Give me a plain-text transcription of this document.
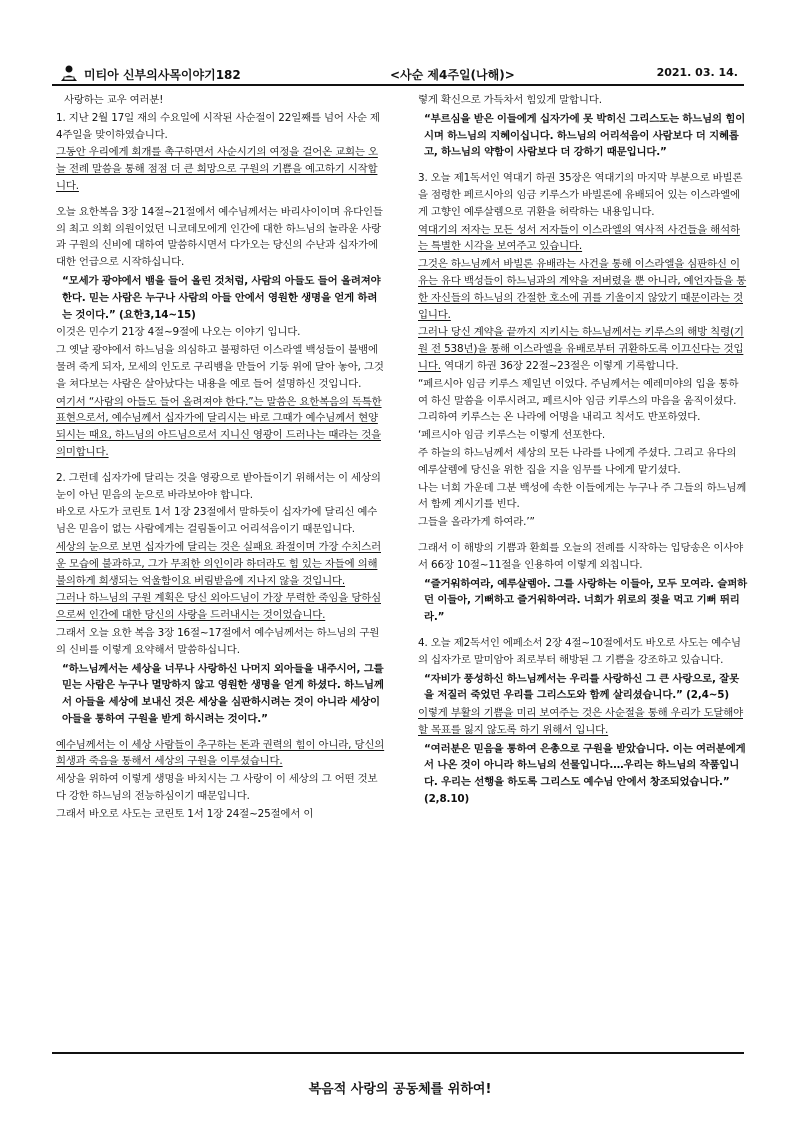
미티아 신부의사목이야기182	<사순 제4주일(나해)>	2021. 03. 14.
사랑하는 교우 여러분!
1. 지난 2월 17일 재의 수요일에 시작된 사순절이 22일째를 넘어 사순 제4주일을 맞이하였습니다.
그동안 우리에게 회개를 촉구하면서 사순시기의 여정을 걸어온 교회는 오늘 전례 말씀을 통해 점점 더 큰 희망으로 구원의 기쁨을 예고하기 시작합니다.
오늘 요한복음 3장 14절~21절에서 예수님께서는 바리사이이며 유다인들의 최고 의회 의원이었던 니코데모에게 인간에 대한 하느님의 놀라운 사랑과 구원의 신비에 대하여 말씀하시면서 다가오는 당신의 수난과 십자가에 대한 언급으로 시작하십니다.
“모세가 광야에서 뱀을 들어 올린 것처럼, 사람의 아들도 들어 올려져야 한다. 믿는 사람은 누구나 사람의 아들 안에서 영원한 생명을 얻게 하려는 것이다.” (요한3,14~15)
이것은 민수기 21장 4절~9절에 나오는 이야기 입니다.
그 옛날 광야에서 하느님을 의심하고 불평하던 이스라엘 백성들이 불뱀에 물려 죽게 되자, 모세의 인도로 구리뱀을 만들어 기둥 위에 달아 놓아, 그것을 쳐다보는 사람은 살아났다는 내용을 예로 들어 설명하신 것입니다.
여기서 “사람의 아들도 들어 올려져야 한다.”는 말씀은 요한복음의 독특한 표현으로서, 예수님께서 십자가에 달리시는 바로 그때가 예수님께서 현양되시는 때요, 하느님의 아드님으로서 지니신 영광이 드러나는 때라는 것을 의미합니다.
2. 그런데 십자가에 달리는 것을 영광으로 받아들이기 위해서는 이 세상의 눈이 아닌 믿음의 눈으로 바라보아야 합니다.
바오로 사도가 코린토 1서 1장 23절에서 말하듯이 십자가에 달리신 예수님은 믿음이 없는 사람에게는 걸림돌이고 어리석음이기 때문입니다.
세상의 눈으로 보면 십자가에 달리는 것은 실패요 좌절이며 가장 수치스러운 모습에 불과하고, 그가 무죄한 의인이라 하더라도 힘 있는 자들에 의해 불의하게 희생되는 억울함이요 버림받음에 지나지 않을 것입니다.
그러나 하느님의 구원 계획은 당신 외아드님이 가장 무력한 죽임을 당하심으로써 인간에 대한 당신의 사랑을 드러내시는 것이었습니다.
그래서 오늘 요한 복음 3장 16절~17절에서 예수님께서는 하느님의 구원의 신비를 이렇게 요약해서 말씀하십니다.
“하느님께서는 세상을 너무나 사랑하신 나머지 외아들을 내주시어, 그를 믿는 사람은 누구나 멸망하지 않고 영원한 생명을 얻게 하셨다. 하느님께서 아들을 세상에 보내신 것은 세상을 심판하시려는 것이 아니라 세상이 아들을 통하여 구원을 받게 하시려는 것이다.”
예수님께서는 이 세상 사람들이 추구하는 돈과 권력의 힘이 아니라, 당신의 희생과 죽음을 통해서 세상의 구원을 이루셨습니다.
세상을 위하여 이렇게 생명을 바치시는 그 사랑이 이 세상의 그 어떤 것보다 강한 하느님의 전능하심이기 때문입니다.
그래서 바오로 사도는 코린토 1서 1장 24절~25절에서 이
렇게 확신으로 가득차서 힘있게 말합니다.
“부르심을 받은 이들에게 십자가에 못 박히신 그리스도는 하느님의 힘이시며 하느님의 지혜이십니다. 하느님의 어리석음이 사람보다 더 지혜롭고, 하느님의 약함이 사람보다 더 강하기 때문입니다.”
3. 오늘 제1독서인 역대기 하권 35장은 역대기의 마지막 부분으로 바빌론을 점령한 페르시아의 임금 키루스가 바빌론에 유배되어 있는 이스라엘에게 고향인 예루살렘으로 귀환을 허락하는 내용입니다.
역대기의 저자는 모든 성서 저자들이 이스라엘의 역사적 사건들을 해석하는 특별한 시각을 보여주고 있습니다.
그것은 하느님께서 바빌론 유배라는 사건을 통해 이스라엘을 심판하신 이유는 유다 백성들이 하느님과의 계약을 저버렸을 뿐 아니라, 예언자들을 통한 자신들의 하느님의 간절한 호소에 귀를 기울이지 않았기 때문이라는 것입니다.
그러나 당신 계약을 끝까지 지키시는 하느님께서는 키루스의 해방 칙령(기원 전 538년)을 통해 이스라엘을 유배로부터 귀환하도록 이끄신다는 것입니다. 역대기 하권 36장 22절~23절은 이렇게 기록합니다.
“페르시아 임금 키루스 제일년 이었다. 주님께서는 예레미야의 입을 통하여 하신 말씀을 이루시려고, 페르시아 임금 키루스의 마음을 움직이셨다. 그리하여 키루스는 온 나라에 어명을 내리고 칙서도 반포하였다.
‘페르시아 임금 키루스는 이렇게 선포한다.
주 하늘의 하느님께서 세상의 모든 나라를 나에게 주셨다. 그리고 유다의 예루살렘에 당신을 위한 집을 지을 임무를 나에게 맡기셨다.
나는 너희 가운데 그분 백성에 속한 이들에게는 누구나 주 그들의 하느님께서 함께 계시기를 빈다.
그들을 올라가게 하여라.’”
그래서 이 해방의 기쁨과 환희를 오늘의 전례를 시작하는 입당송은 이사야서 66장 10절~11절을 인용하여 이렇게 외칩니다.
“즐거워하여라, 예루살렘아. 그를 사랑하는 이들아, 모두 모여라. 슬퍼하던 이들아, 기뻐하고 즐거워하여라. 너희가 위로의 젖을 먹고 기뻐 뛰리라.”
4. 오늘 제2독서인 에페소서 2장 4절~10절에서도 바오로 사도는 예수님의 십자가로 말미암아 죄로부터 해방된 그 기쁨을 강조하고 있습니다.
“자비가 풍성하신 하느님께서는 우리를 사랑하신 그 큰 사랑으로, 잘못을 저질러 죽었던 우리를 그리스도와 함께 살리셨습니다.” (2,4~5)
이렇게 부활의 기쁨을 미리 보여주는 것은 사순절을 통해 우리가 도달해야 할 목표를 잃지 않도록 하기 위해서 입니다.
“여러분은 믿음을 통하여 은총으로 구원을 받았습니다. 이는 여러분에게서 나온 것이 아니라 하느님의 선물입니다.…우리는 하느님의 작품입니다. 우리는 선행을 하도록 그리스도 예수님 안에서 창조되었습니다.” (2,8.10)
복음적 사랑의 공동체를 위하여!
